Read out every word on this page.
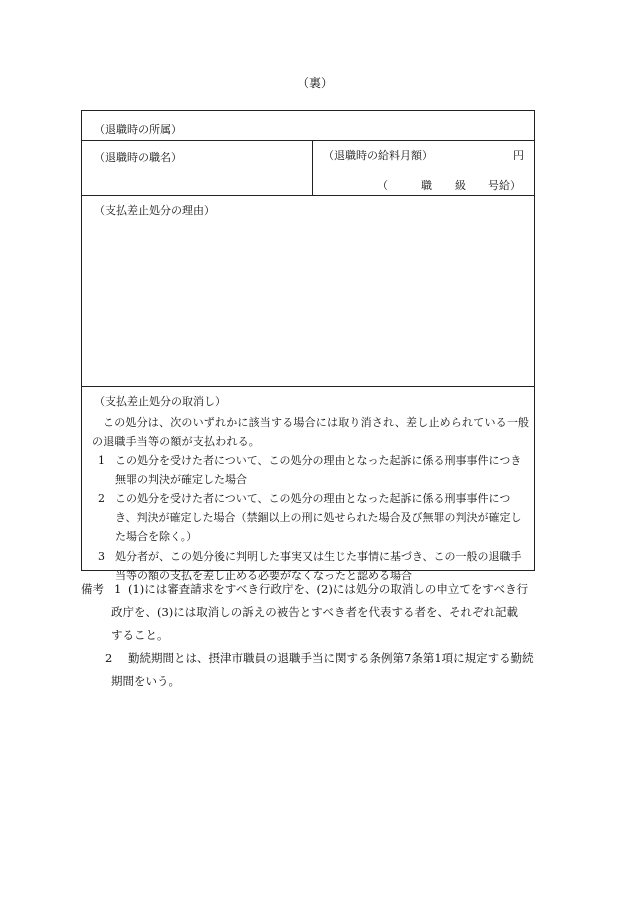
（裏）
（退職時の所属）
（退職時の職名）	（退職時の給料月額）	円
（	職 級 号給）
（支払差止処分の理由）
（支払差止処分の取消し）
この処分は、次のいずれかに該当する場合には取り消され、差し止められている一般の退職手当等の額が支払われる。
1 この処分を受けた者について、この処分の理由となった起訴に係る刑事事件につき無罪の判決が確定した場合
2 この処分を受けた者について、この処分の理由となった起訴に係る刑事事件につき、判決が確定した場合（禁錮以上の刑に処せられた場合及び無罪の判決が確定した場合を除く。）
3 処分者が、この処分後に判明した事実又は生じた事情に基づき、この一般の退職手当等の額の支払を差し止める必要がなくなったと認める場合
備考 1 (1)には審査請求をすべき行政庁を、(2)には処分の取消しの申立てをすべき行
政庁を、(3)には取消しの訴えの被告とすべき者を代表する者を、それぞれ記載
すること。
2 勤続期間とは、摂津市職員の退職手当に関する条例第7条第1項に規定する勤続
期間をいう。
